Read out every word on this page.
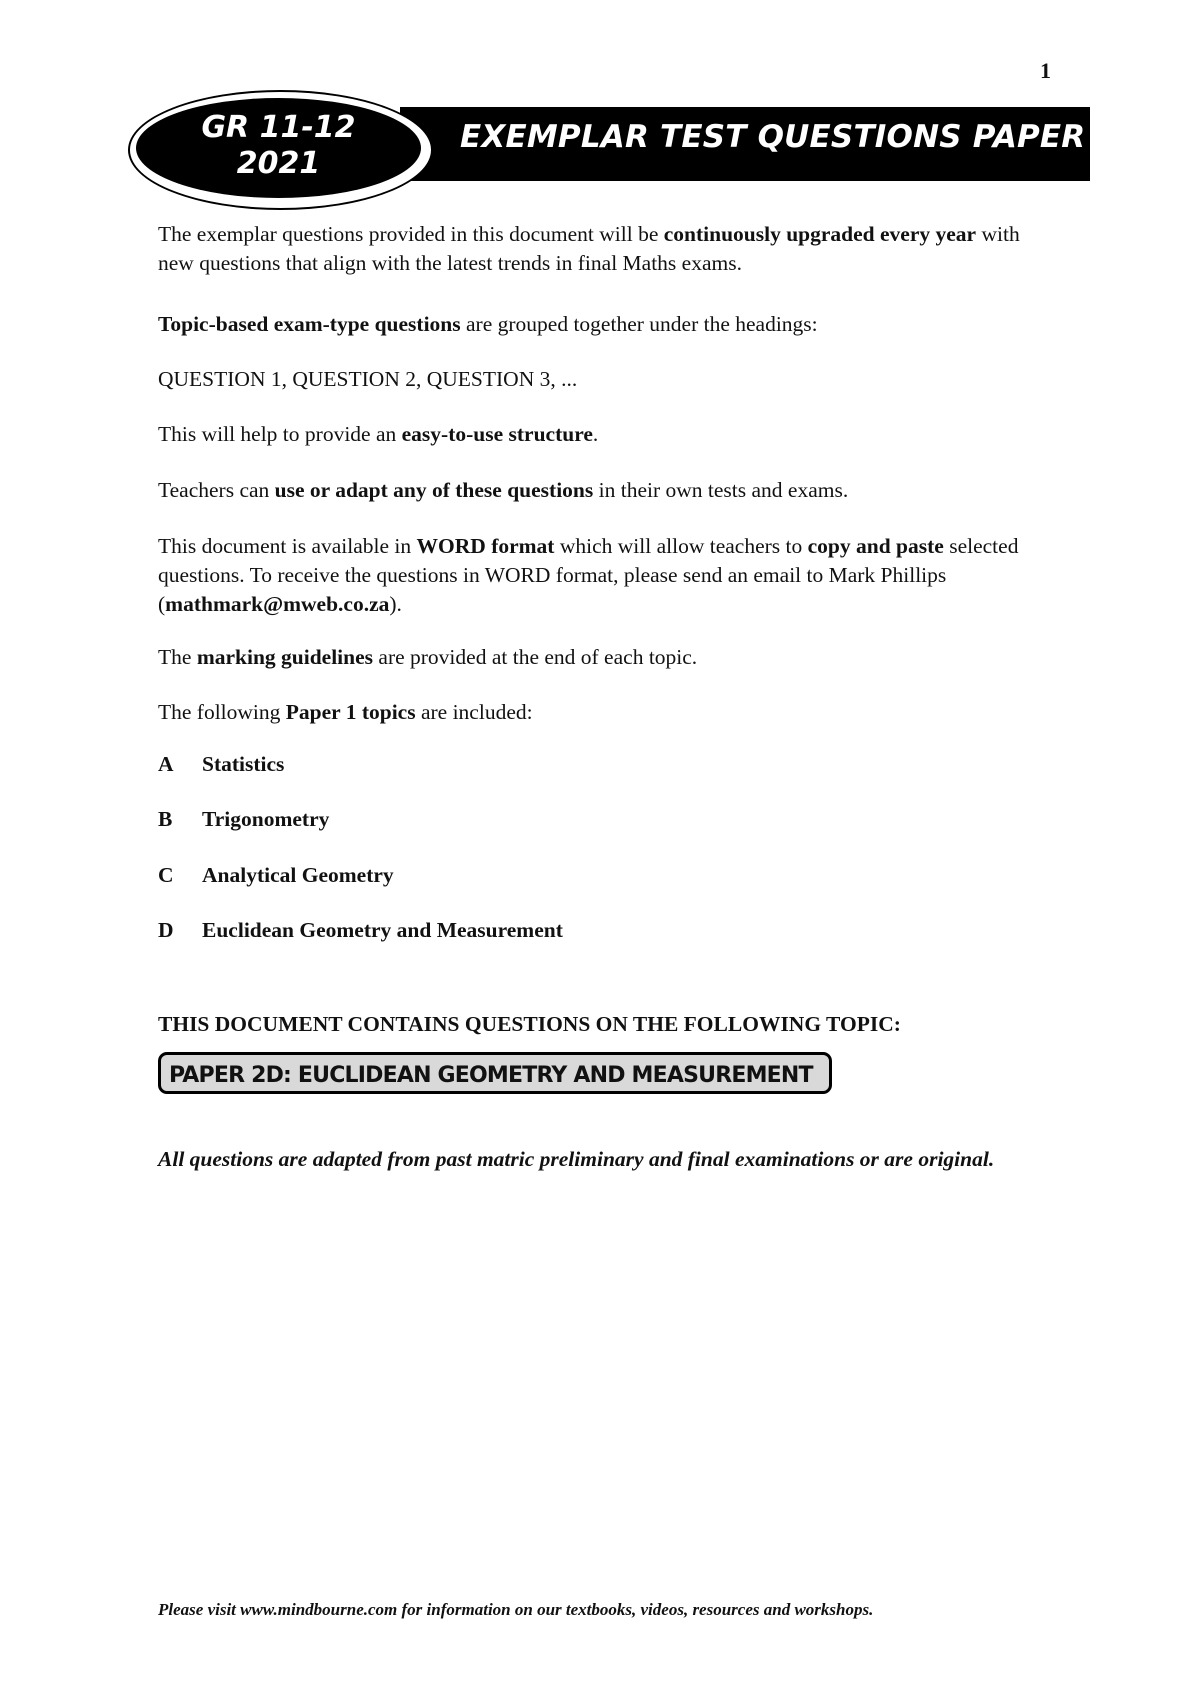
1
EXEMPLAR TEST QUESTIONS PAPER 2
GR 11-12
2021

The exemplar questions provided in this document will be continuously upgraded every year with new questions that align with the latest trends in final Maths exams.

Topic-based exam-type questions are grouped together under the headings:

QUESTION 1, QUESTION 2, QUESTION 3, ...

This will help to provide an easy-to-use structure.

Teachers can use or adapt any of these questions in their own tests and exams.

This document is available in WORD format which will allow teachers to copy and paste selected questions. To receive the questions in WORD format, please send an email to Mark Phillips (mathmark@mweb.co.za).

The marking guidelines are provided at the end of each topic.

The following Paper 1 topics are included:

A Statistics
B Trigonometry
C Analytical Geometry
D Euclidean Geometry and Measurement
THIS DOCUMENT CONTAINS QUESTIONS ON THE FOLLOWING TOPIC:
PAPER 2D: EUCLIDEAN GEOMETRY AND MEASUREMENT

All questions are adapted from past matric preliminary and final examinations or are original.

Please visit www.mindbourne.com for information on our textbooks, videos, resources and workshops.
